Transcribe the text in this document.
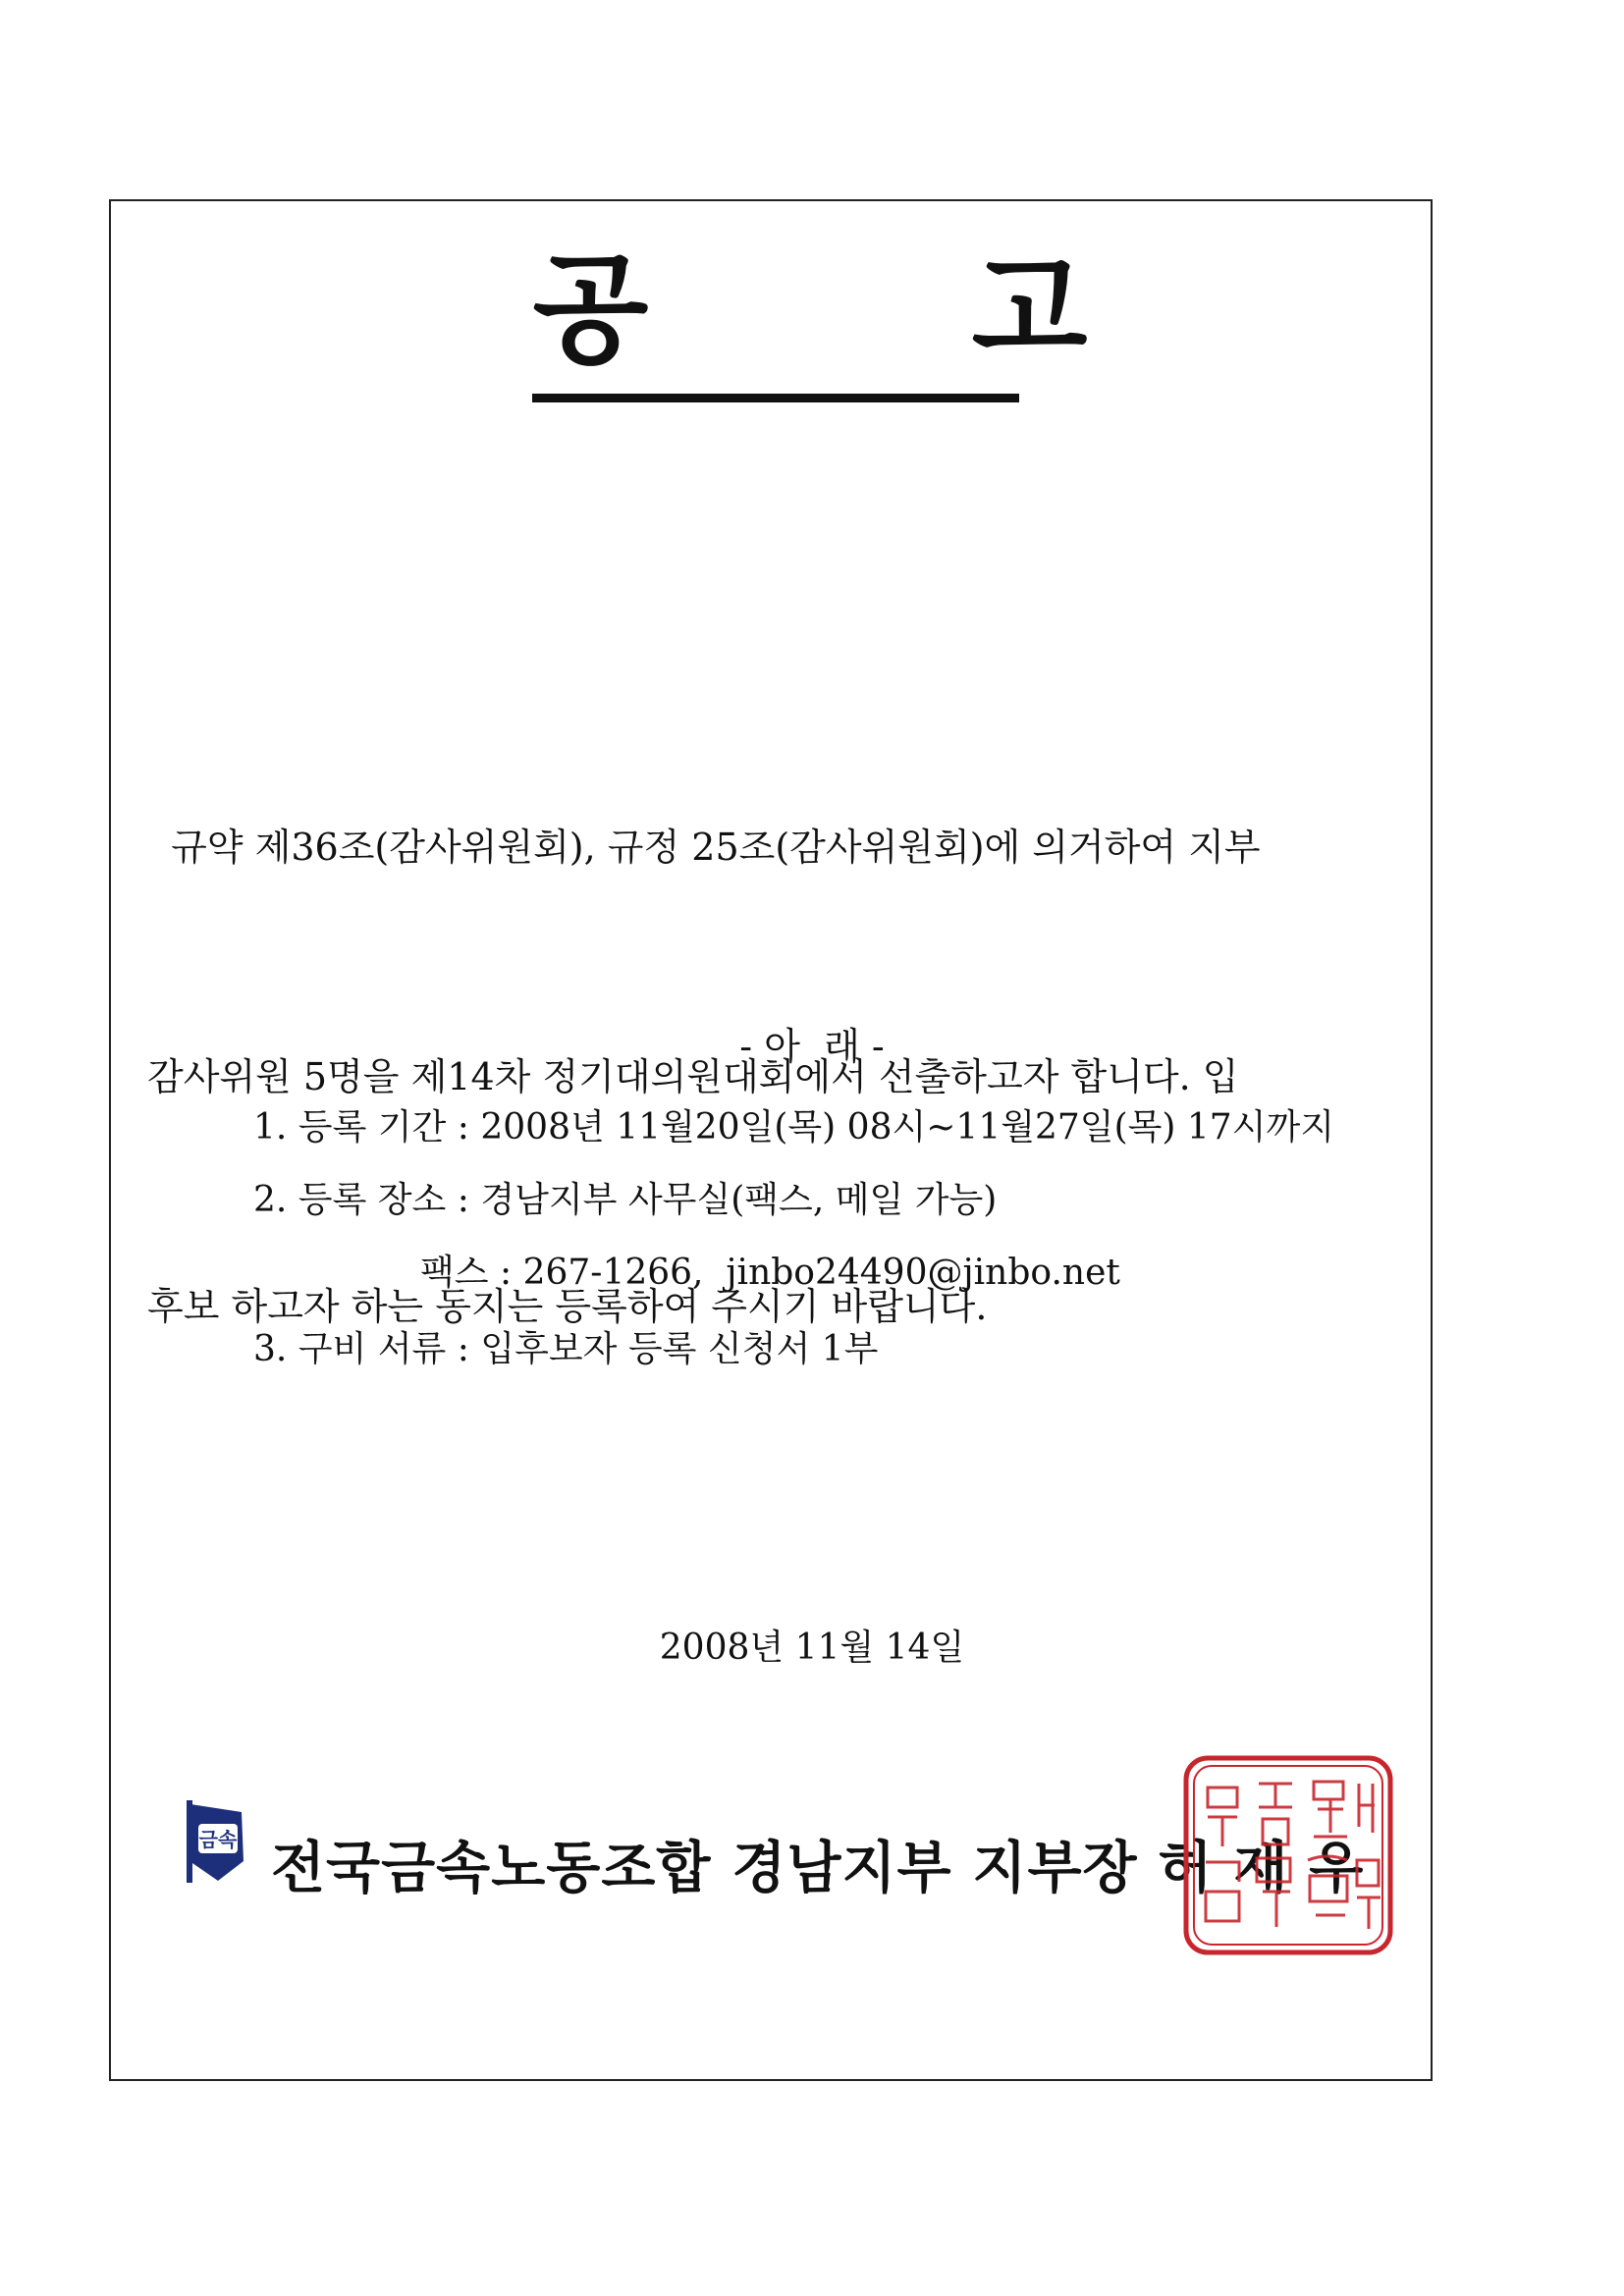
공       고

규약 제36조(감사위원회), 규정 25조(감사위원회)에 의거하여 지부

감사위원 5명을 제14차 정기대의원대회에서 선출하고자 합니다. 입

후보 하고자 하는 동지는 등록하여 주시기 바랍니다.

- 아  래 -
1. 등록 기간 : 2008년 11월20일(목) 08시~11월27일(목) 17시까지
2. 등록 장소 : 경남지부 사무실(팩스, 메일 가능)
팩스 : 267-1266,  jinbo24490@jinbo.net
3. 구비 서류 : 입후보자 등록 신청서 1부
2008년 11월 14일
금속 전국금속노동조합 경남지부 지부장 허 재 우
